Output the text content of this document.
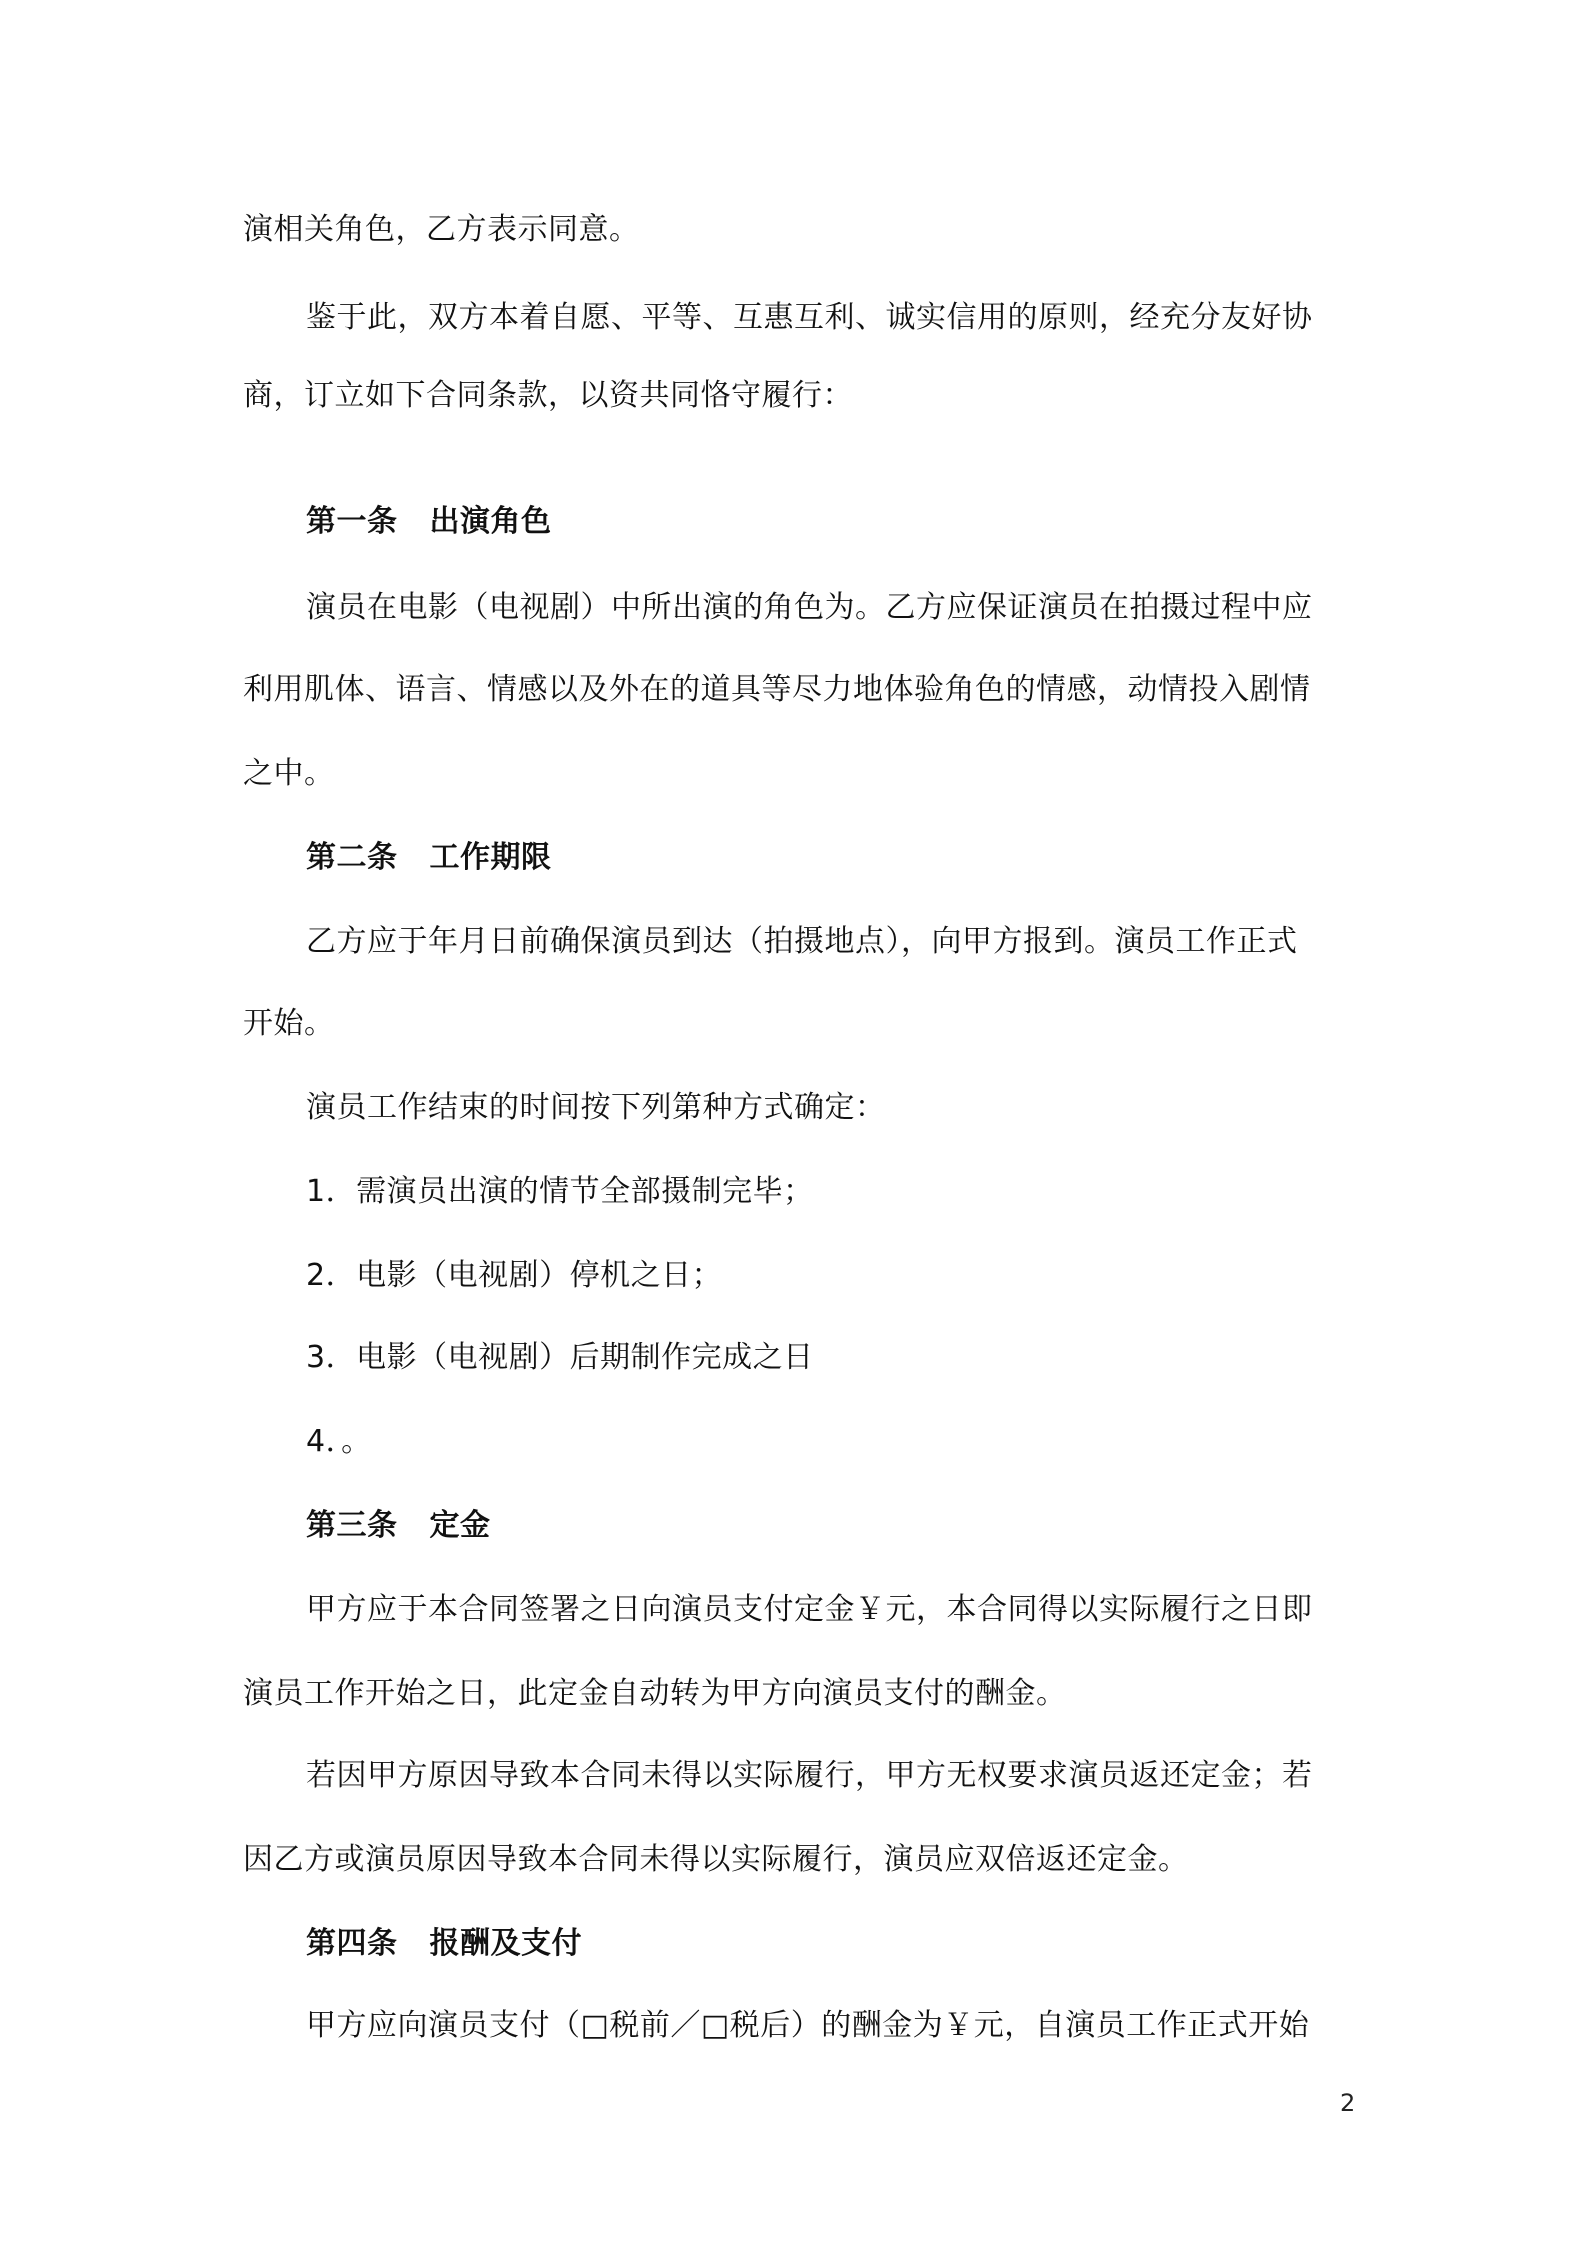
演相关角色，乙方表示同意。
鉴于此，双方本着自愿、平等、互惠互利、诚实信用的原则，经充分友好协
商，订立如下合同条款，以资共同恪守履行：
第一条 出演角色
演员在电影（电视剧）中所出演的角色为。乙方应保证演员在拍摄过程中应
利用肌体、语言、情感以及外在的道具等尽力地体验角色的情感，动情投入剧情
之中。
第二条 工作期限
乙方应于年月日前确保演员到达（拍摄地点），向甲方报到。演员工作正式
开始。
演员工作结束的时间按下列第种方式确定：
1．需演员出演的情节全部摄制完毕；
2．电影（电视剧）停机之日；
3．电影（电视剧）后期制作完成之日
4．。
第三条 定金
甲方应于本合同签署之日向演员支付定金￥元，本合同得以实际履行之日即
演员工作开始之日，此定金自动转为甲方向演员支付的酬金。
若因甲方原因导致本合同未得以实际履行，甲方无权要求演员返还定金；若
因乙方或演员原因导致本合同未得以实际履行，演员应双倍返还定金。
第四条 报酬及支付
甲方应向演员支付（□税前／□税后）的酬金为￥元，自演员工作正式开始
2
